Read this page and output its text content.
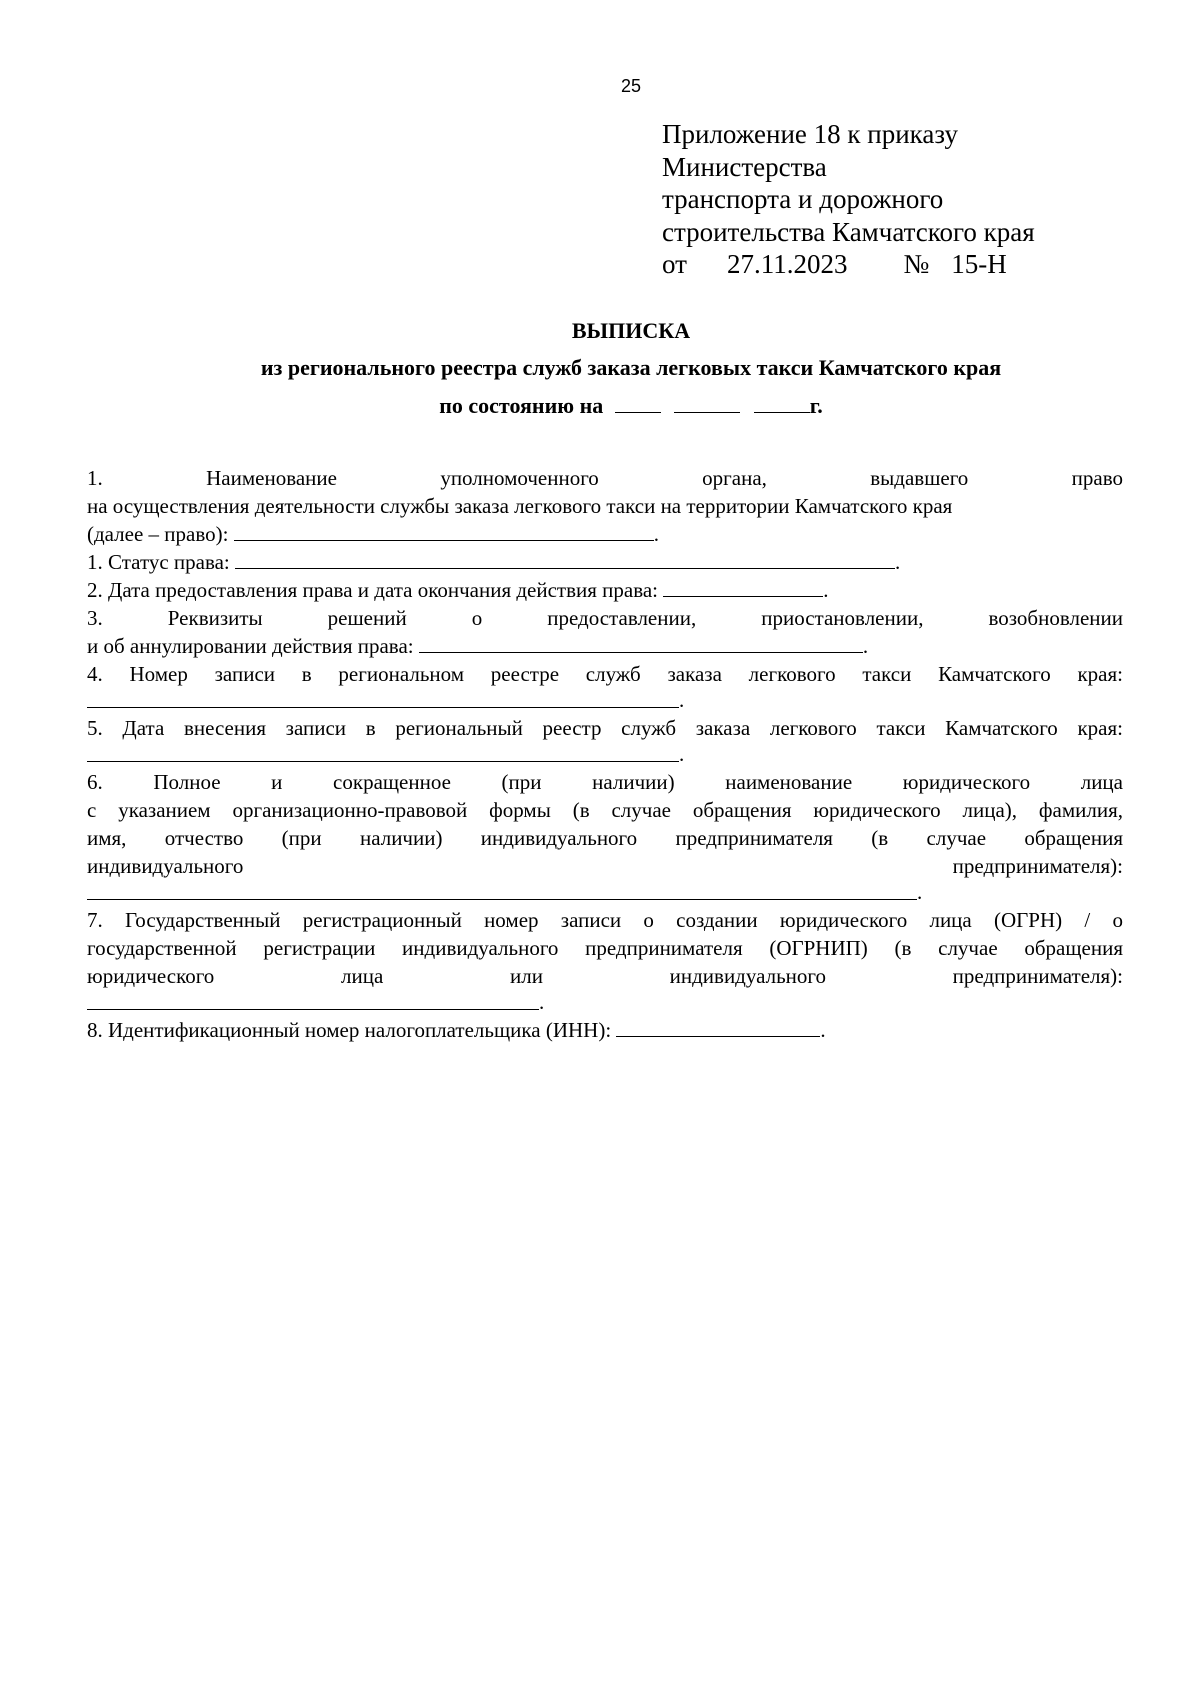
25
Приложение 18 к приказу
Министерства
транспорта и дорожного
строительства Камчатского края
от 27.11.2023 № 15-Н
ВЫПИСКА
из регионального реестра служб заказа легковых такси Камчатского края
по состоянию на	г.
1. Наименование уполномоченного органа, выдавшего право
на осуществления деятельности службы заказа легкового такси на территории Камчатского края
(далее – право):	.
1. Статус права:	.
2. Дата предоставления права и дата окончания действия права:	.
3. Реквизиты решений о предоставлении, приостановлении, возобновлении
и об аннулировании действия права:	.
4. Номер записи в региональном реестре служб заказа легкового такси Камчатского края:
.
5. Дата внесения записи в региональный реестр служб заказа легкового такси Камчатского края:
.
6. Полное и сокращенное (при наличии) наименование юридического лица
с указанием организационно-правовой формы (в случае обращения юридического лица), фамилия,
имя, отчество (при наличии) индивидуального предпринимателя (в случае обращения
индивидуального предпринимателя):
.
7. Государственный регистрационный номер записи о создании юридического лица (ОГРН) / о
государственной регистрации индивидуального предпринимателя (ОГРНИП) (в случае обращения
юридического лица или индивидуального предпринимателя):
.
8. Идентификационный номер налогоплательщика (ИНН):	.
